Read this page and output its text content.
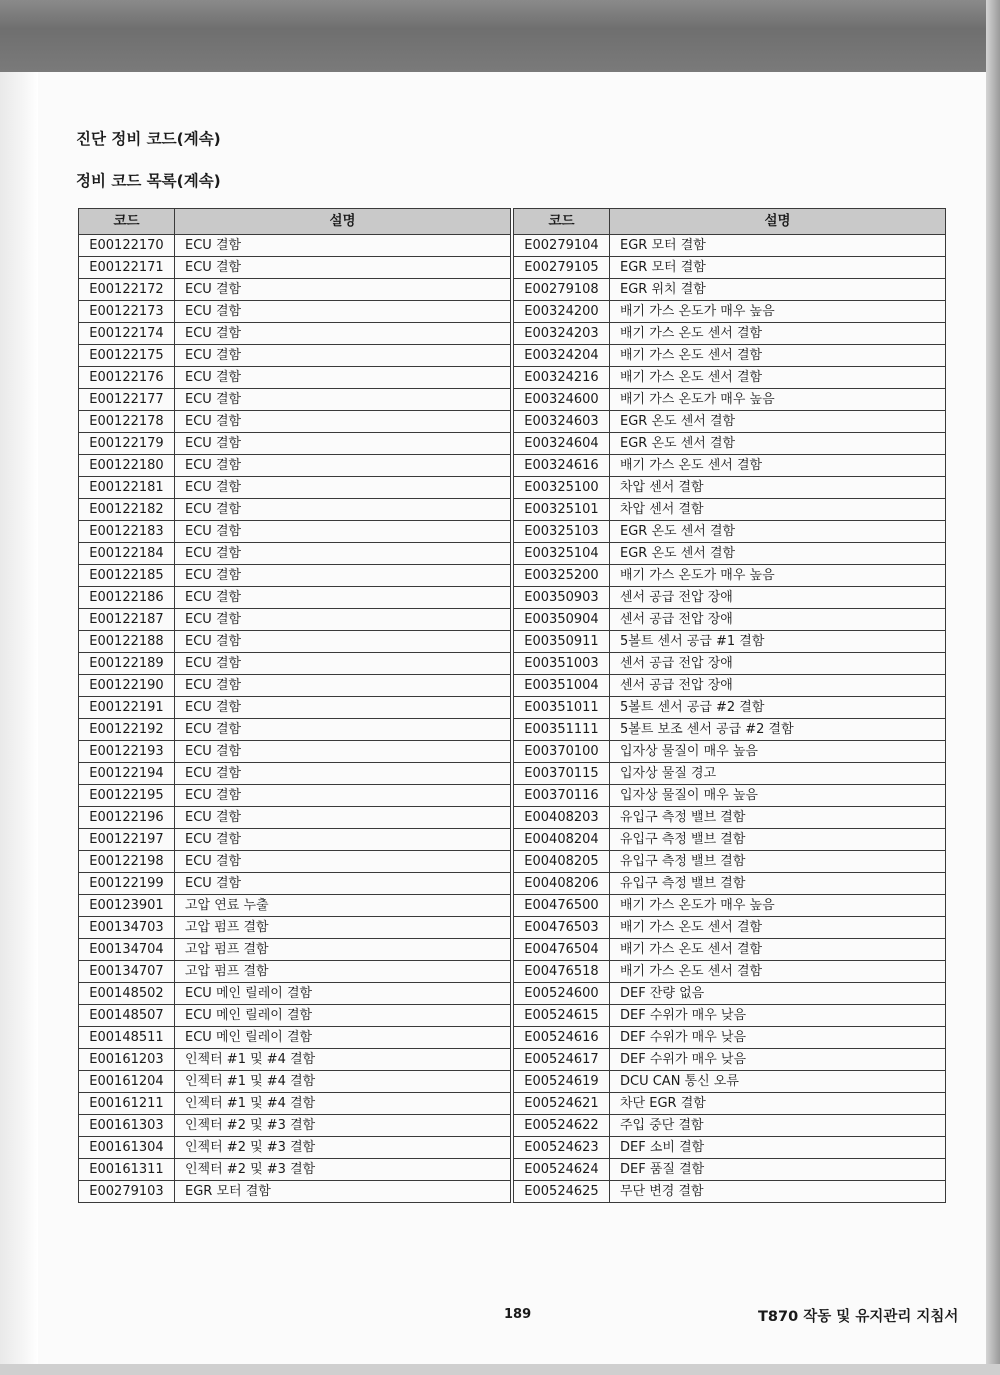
진단 정비 코드(계속)
정비 코드 목록(계속)
코드	설명
E00122170	ECU 결함
E00122171	ECU 결함
E00122172	ECU 결함
E00122173	ECU 결함
E00122174	ECU 결함
E00122175	ECU 결함
E00122176	ECU 결함
E00122177	ECU 결함
E00122178	ECU 결함
E00122179	ECU 결함
E00122180	ECU 결함
E00122181	ECU 결함
E00122182	ECU 결함
E00122183	ECU 결함
E00122184	ECU 결함
E00122185	ECU 결함
E00122186	ECU 결함
E00122187	ECU 결함
E00122188	ECU 결함
E00122189	ECU 결함
E00122190	ECU 결함
E00122191	ECU 결함
E00122192	ECU 결함
E00122193	ECU 결함
E00122194	ECU 결함
E00122195	ECU 결함
E00122196	ECU 결함
E00122197	ECU 결함
E00122198	ECU 결함
E00122199	ECU 결함
E00123901	고압 연료 누출
E00134703	고압 펌프 결함
E00134704	고압 펌프 결함
E00134707	고압 펌프 결함
E00148502	ECU 메인 릴레이 결함
E00148507	ECU 메인 릴레이 결함
E00148511	ECU 메인 릴레이 결함
E00161203	인젝터 #1 및 #4 결함
E00161204	인젝터 #1 및 #4 결함
E00161211	인젝터 #1 및 #4 결함
E00161303	인젝터 #2 및 #3 결함
E00161304	인젝터 #2 및 #3 결함
E00161311	인젝터 #2 및 #3 결함
E00279103	EGR 모터 결함
코드	설명
E00279104	EGR 모터 결함
E00279105	EGR 모터 결함
E00279108	EGR 위치 결함
E00324200	배기 가스 온도가 매우 높음
E00324203	배기 가스 온도 센서 결함
E00324204	배기 가스 온도 센서 결함
E00324216	배기 가스 온도 센서 결함
E00324600	배기 가스 온도가 매우 높음
E00324603	EGR 온도 센서 결함
E00324604	EGR 온도 센서 결함
E00324616	배기 가스 온도 센서 결함
E00325100	차압 센서 결함
E00325101	차압 센서 결함
E00325103	EGR 온도 센서 결함
E00325104	EGR 온도 센서 결함
E00325200	배기 가스 온도가 매우 높음
E00350903	센서 공급 전압 장애
E00350904	센서 공급 전압 장애
E00350911	5볼트 센서 공급 #1 결함
E00351003	센서 공급 전압 장애
E00351004	센서 공급 전압 장애
E00351011	5볼트 센서 공급 #2 결함
E00351111	5볼트 보조 센서 공급 #2 결함
E00370100	입자상 물질이 매우 높음
E00370115	입자상 물질 경고
E00370116	입자상 물질이 매우 높음
E00408203	유입구 측정 밸브 결함
E00408204	유입구 측정 밸브 결함
E00408205	유입구 측정 밸브 결함
E00408206	유입구 측정 밸브 결함
E00476500	배기 가스 온도가 매우 높음
E00476503	배기 가스 온도 센서 결함
E00476504	배기 가스 온도 센서 결함
E00476518	배기 가스 온도 센서 결함
E00524600	DEF 잔량 없음
E00524615	DEF 수위가 매우 낮음
E00524616	DEF 수위가 매우 낮음
E00524617	DEF 수위가 매우 낮음
E00524619	DCU CAN 통신 오류
E00524621	차단 EGR 결함
E00524622	주입 중단 결함
E00524623	DEF 소비 결함
E00524624	DEF 품질 결함
E00524625	무단 변경 결함
189	T870 작동 및 유지관리 지침서
